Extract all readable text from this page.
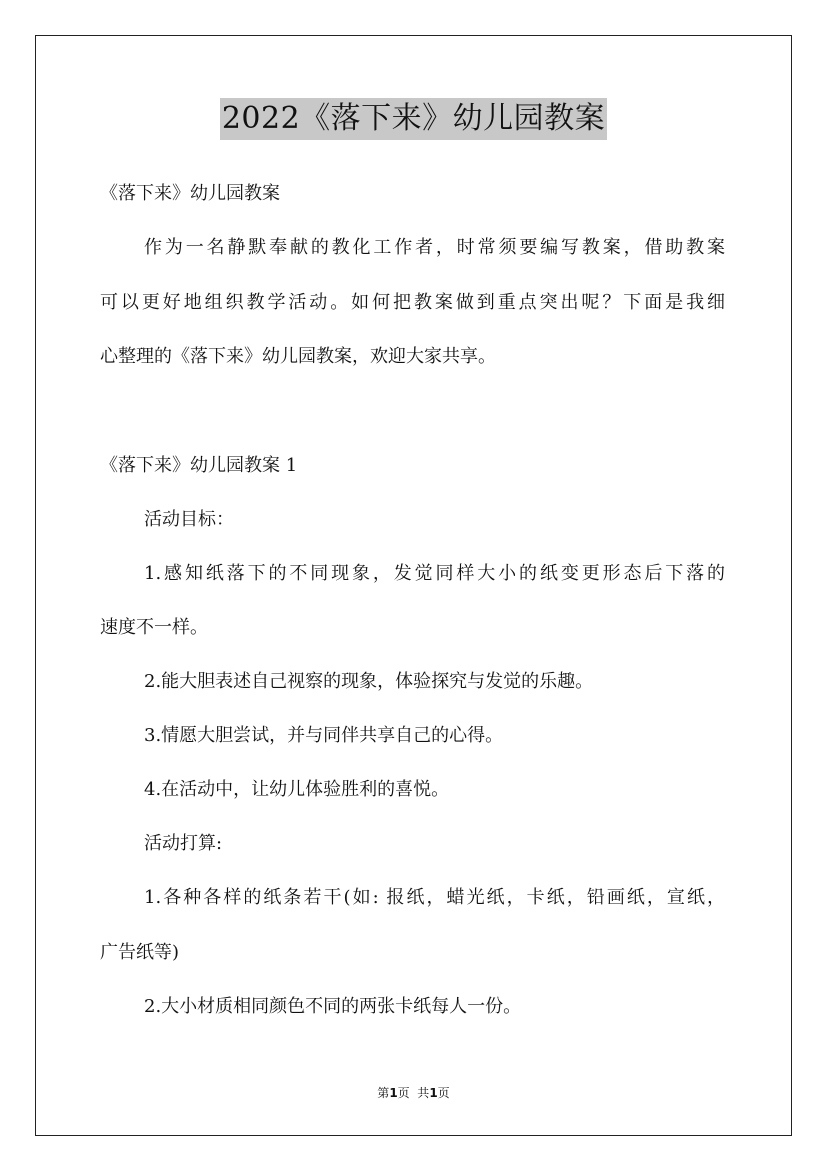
2022《落下来》幼儿园教案
《落下来》幼儿园教案
作为一名静默奉献的教化工作者，时常须要编写教案，借助教案
可以更好地组织教学活动。如何把教案做到重点突出呢？下面是我细
心整理的《落下来》幼儿园教案，欢迎大家共享。
《落下来》幼儿园教案 1
活动目标：
1.感知纸落下的不同现象，发觉同样大小的纸变更形态后下落的
速度不一样。
2.能大胆表述自己视察的现象，体验探究与发觉的乐趣。
3.情愿大胆尝试，并与同伴共享自己的心得。
4.在活动中，让幼儿体验胜利的喜悦。
活动打算:
1.各种各样的纸条若干(如: 报纸，蜡光纸，卡纸，铅画纸，宣纸，
广告纸等)
2.大小材质相同颜色不同的两张卡纸每人一份。
第1页  共1页
